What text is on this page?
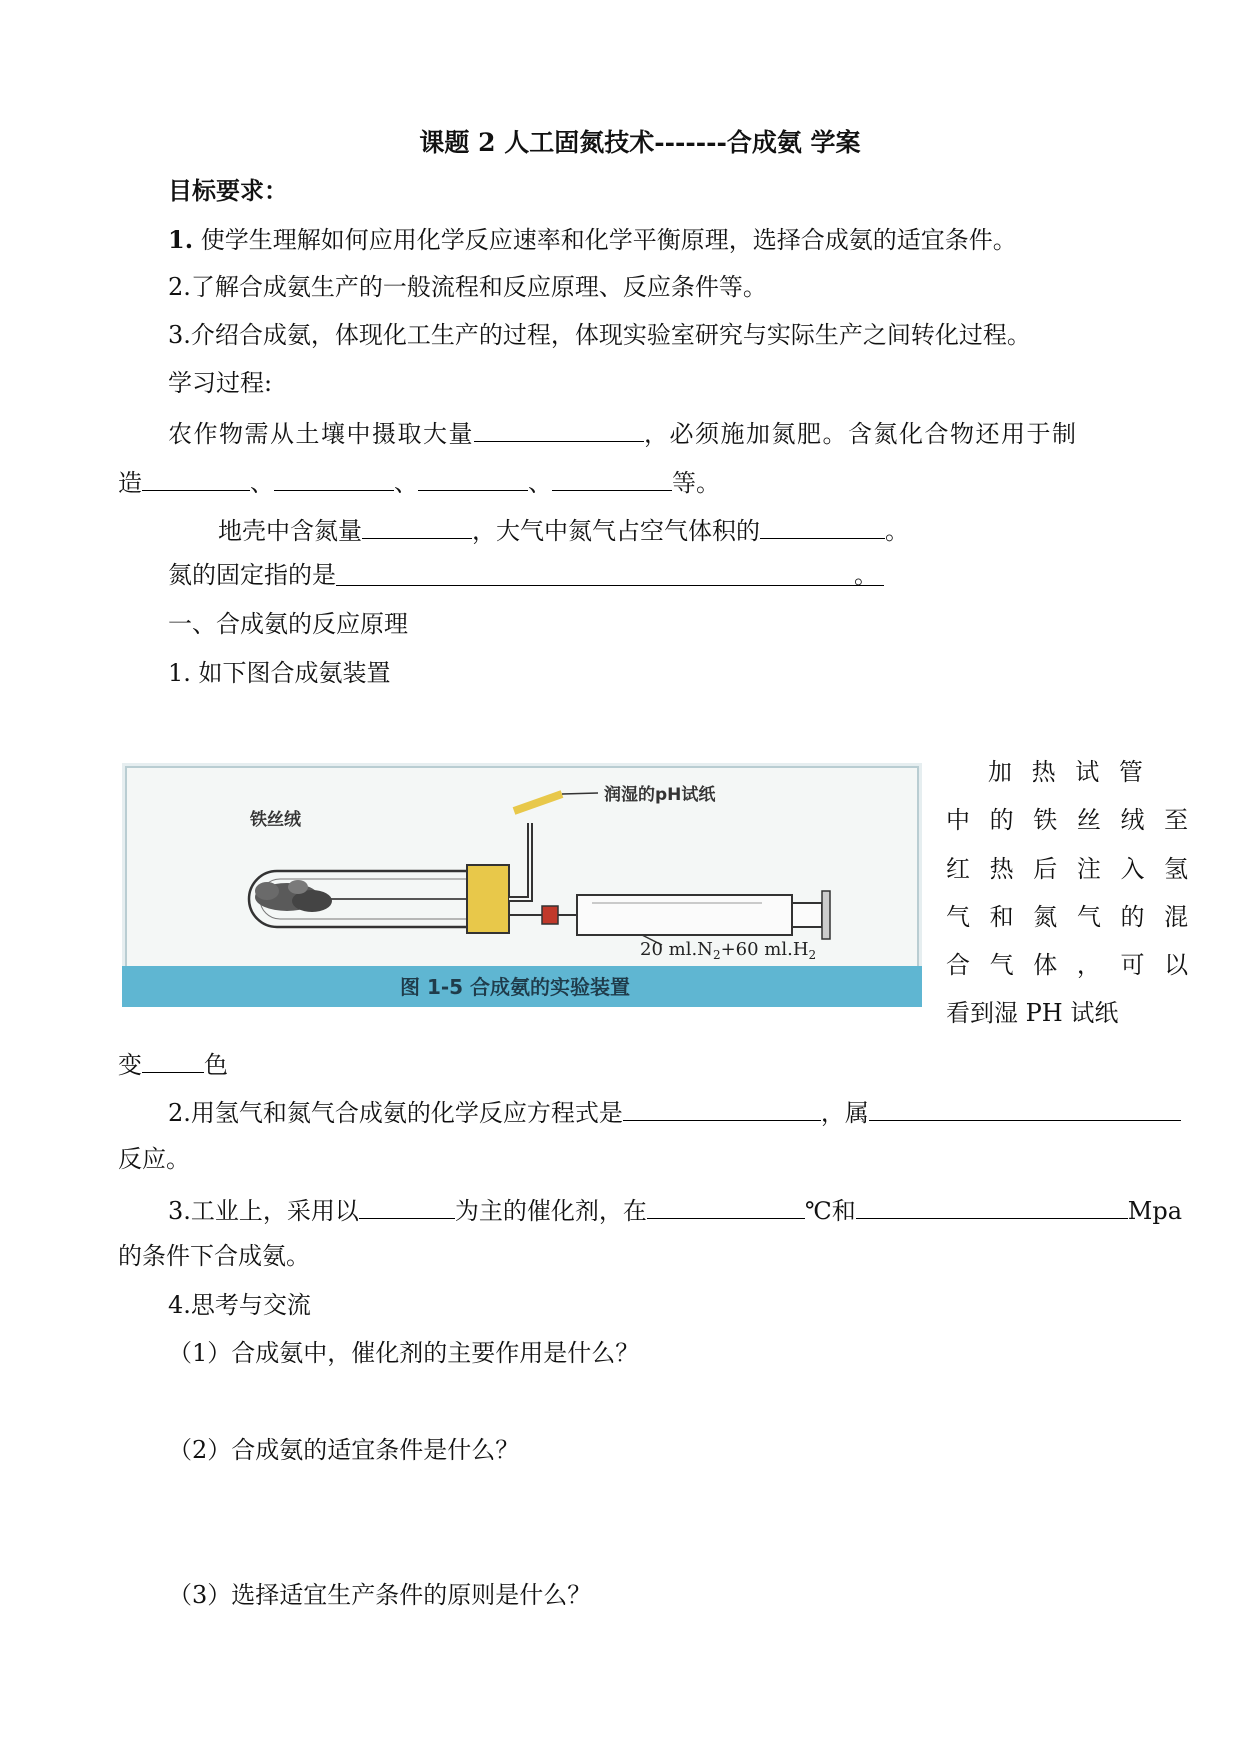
课题 2 人工固氮技术-------合成氨 学案
目标要求：
1. 使学生理解如何应用化学反应速率和化学平衡原理，选择合成氨的适宜条件。
2.了解合成氨生产的一般流程和反应原理、反应条件等。
3.介绍合成氨，体现化工生产的过程，体现实验室研究与实际生产之间转化过程。
学习过程:
农作物需从土壤中摄取大量	，必须施加氮肥。含氮化合物还用于制
造	、	、	、	等。
地壳中含氮量	，大气中氮气占空气体积的	。
氮的固定指的是	。
一、合成氨的反应原理
1. 如下图合成氨装置
铁丝绒
润湿的pH试纸
20 $ml.N_2+60$ $ml.H_2$
图 1-5 合成氨的实验装置
加 热 试 管
中 的 铁 丝 绒 至
红 热 后 注 入 氢
气 和 氮 气 的 混
合 气 体 ， 可 以
看到湿 PH 试纸
变	色
2.用氢气和氮气合成氨的化学反应方程式是	，属
反应。
3.工业上，采用以	为主的催化剂，在	℃和	Mpa
的条件下合成氨。
4.思考与交流
（1）合成氨中，催化剂的主要作用是什么？
（2）合成氨的适宜条件是什么？
（3）选择适宜生产条件的原则是什么？
